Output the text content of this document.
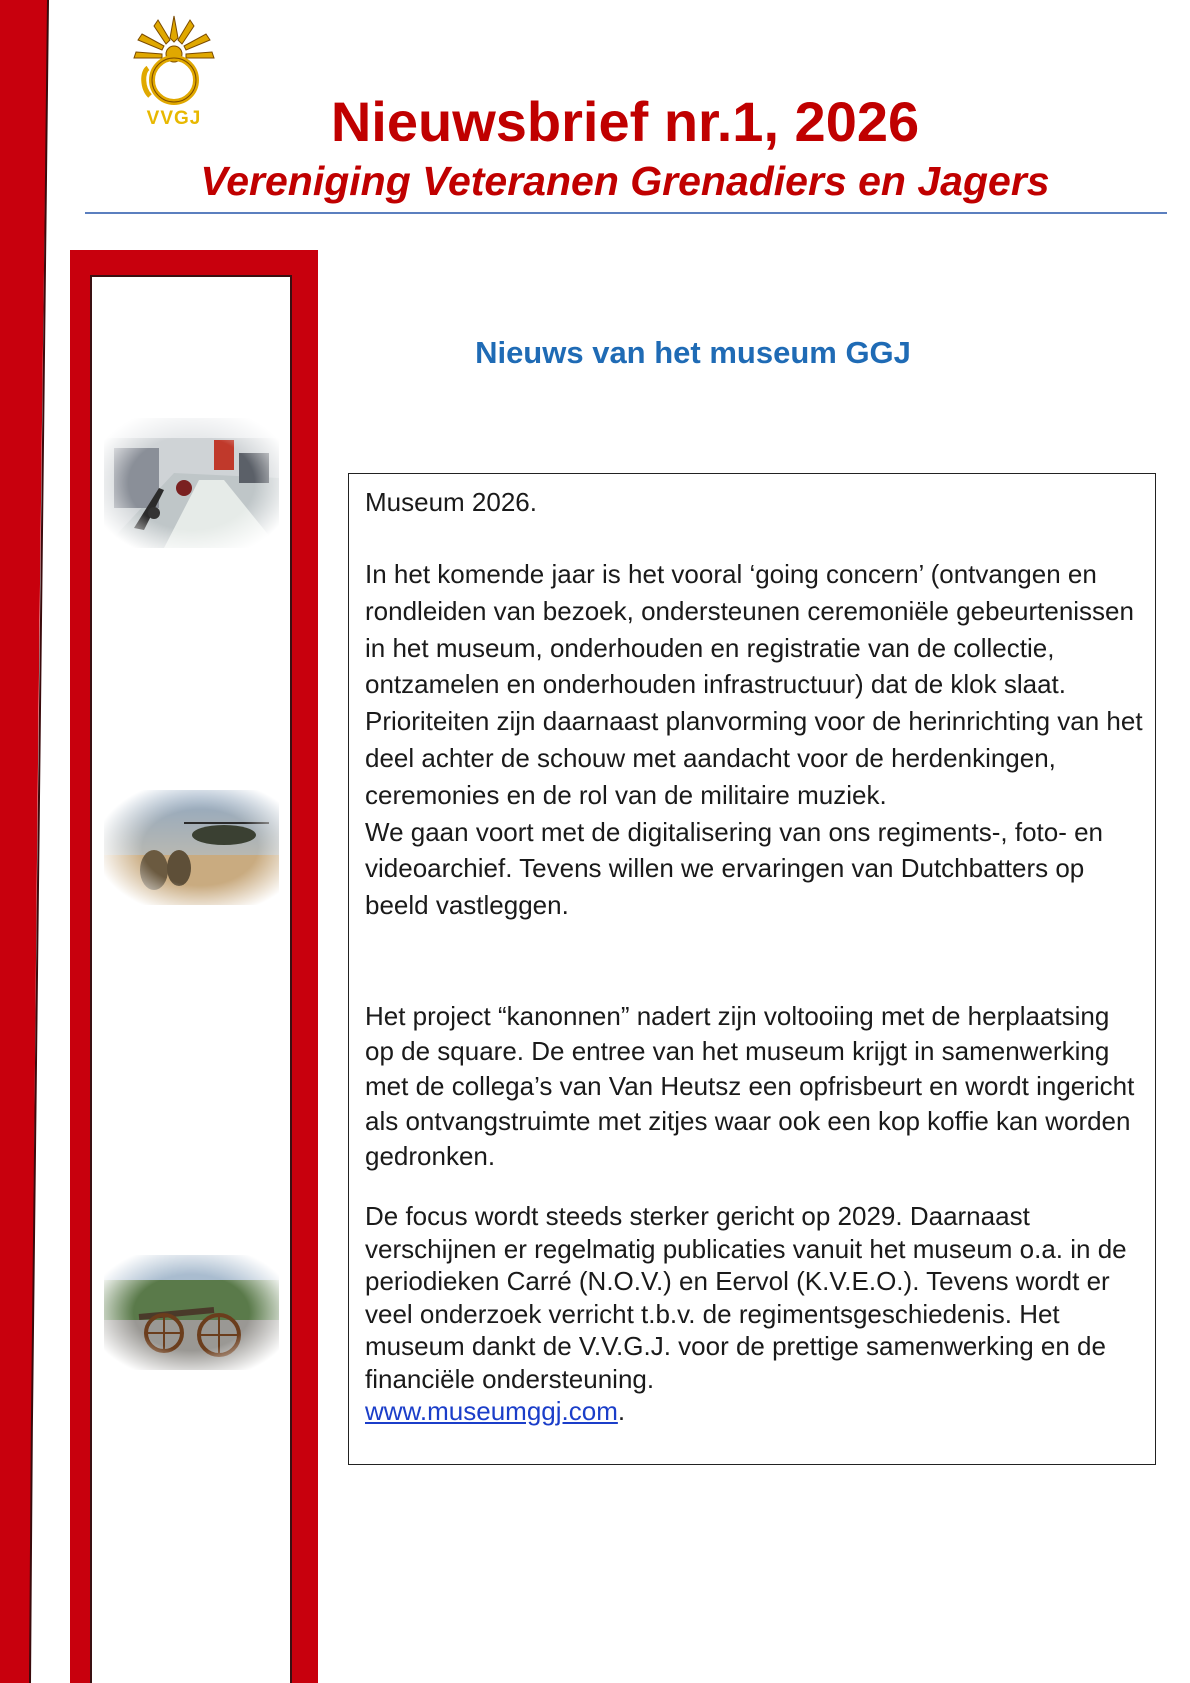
VVGJ	Nieuwsbrief nr.1, 2026
Vereniging Veteranen Grenadiers en Jagers
Nieuws van het museum GGJ

Museum 2026.

In het komende jaar is het vooral ‘going concern’ (ontvangen en rondleiden van bezoek, ondersteunen ceremoniële gebeurtenissen in het museum, onderhouden en registratie van de collectie, ontzamelen en onderhouden infrastructuur) dat de klok slaat. Prioriteiten zijn daarnaast planvorming voor de herinrichting van het deel achter de schouw met aandacht voor de herdenkingen, ceremonies en de rol van de militaire muziek.
We gaan voort met de digitalisering van ons regiments-, foto- en videoarchief. Tevens willen we ervaringen van Dutchbatters op beeld vastleggen.

Het project “kanonnen” nadert zijn voltooiing met de herplaatsing op de square. De entree van het museum krijgt in samenwerking met de collega’s van Van Heutsz een opfrisbeurt en wordt ingericht als ontvangstruimte met zitjes waar ook een kop koffie kan worden gedronken.

De focus wordt steeds sterker gericht op 2029. Daarnaast verschijnen er regelmatig publicaties vanuit het museum o.a. in de periodieken Carré (N.O.V.) en Eervol (K.V.E.O.). Tevens wordt er veel onderzoek verricht t.b.v. de regimentsgeschiedenis. Het museum dankt de V.V.G.J. voor de prettige samenwerking en de financiële ondersteuning.
www.museumggj.com.
